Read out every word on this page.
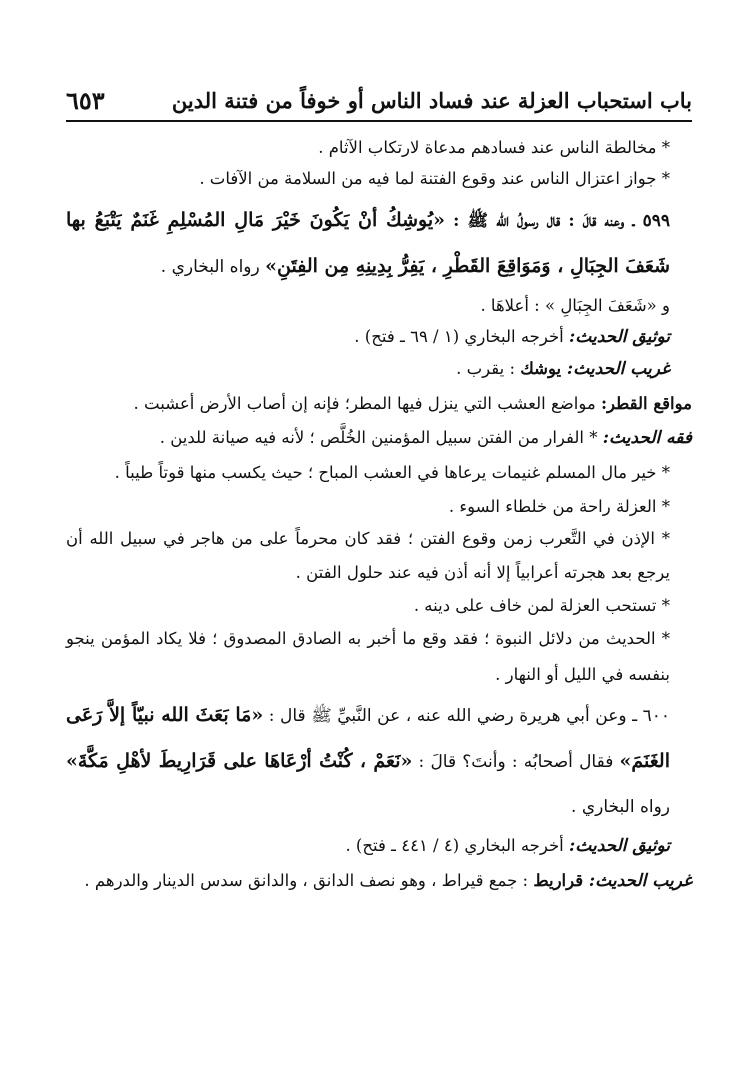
٦٥٣	باب استحباب العزلة عند فساد الناس أو خوفاً من فتنة الدين

* مخالطة الناس عند فسادهم مدعاة لارتكاب الآثام .

* جواز اعتزال الناس عند وقوع الفتنة لما فيه من السلامة من الآفات .

٥٩٩ ـ وعنه قالَ : قال رسولُ الله ﷺ : «يُوشِكُ أنْ يَكُونَ خَيْرَ مَالِ المُسْلِمِ غَنَمٌ يَتْبَعُ بها شَعَفَ الجِبَالِ ، وَمَوَاقِعَ القَطْرِ ، يَفِرُّ بِدِينِهِ مِن الفِتَنِ» رواه البخاري .

و «شَعَفَ الجِبَالِ » : أعلاهَا .

توثيق الحديث: أخرجه البخاري (١ / ٦٩ ـ فتح) .

غريب الحديث: يوشك : يقرب .

مواقع القطر: مواضع العشب التي ينزل فيها المطر؛ فإنه إن أصاب الأرض أعشبت .

فقه الحديث: * الفرار من الفتن سبيل المؤمنين الخُلَّص ؛ لأنه فيه صيانة للدين .

* خير مال المسلم غنيمات يرعاها في العشب المباح ؛ حيث يكسب منها قوتاً طيباً .

* العزلة راحة من خلطاء السوء .

* الإذن في التَّعرب زمن وقوع الفتن ؛ فقد كان محرماً على من هاجر في سبيل الله أن يرجع بعد هجرته أعرابياً إلا أنه أذن فيه عند حلول الفتن .

* تستحب العزلة لمن خاف على دينه .

* الحديث من دلائل النبوة ؛ فقد وقع ما أخبر به الصادق المصدوق ؛ فلا يكاد المؤمن ينجو بنفسه في الليل أو النهار .

٦٠٠ ـ وعن أبي هريرة رضي الله عنه ، عن النَّبيِّ ﷺ قال : «مَا بَعَثَ الله نبيّاً إلاَّ رَعَى الغَنَمَ» فقال أصحابُه : وأنتَ؟ قالَ : «نَعَمْ ، كُنْتُ أرْعَاهَا على قَرَارِيطَ لأهْلِ مَكَّةَ» رواه البخاري .

توثيق الحديث: أخرجه البخاري (٤ / ٤٤١ ـ فتح) .

غريب الحديث: قراريط : جمع قيراط ، وهو نصف الدانق ، والدانق سدس الدينار والدرهم .
